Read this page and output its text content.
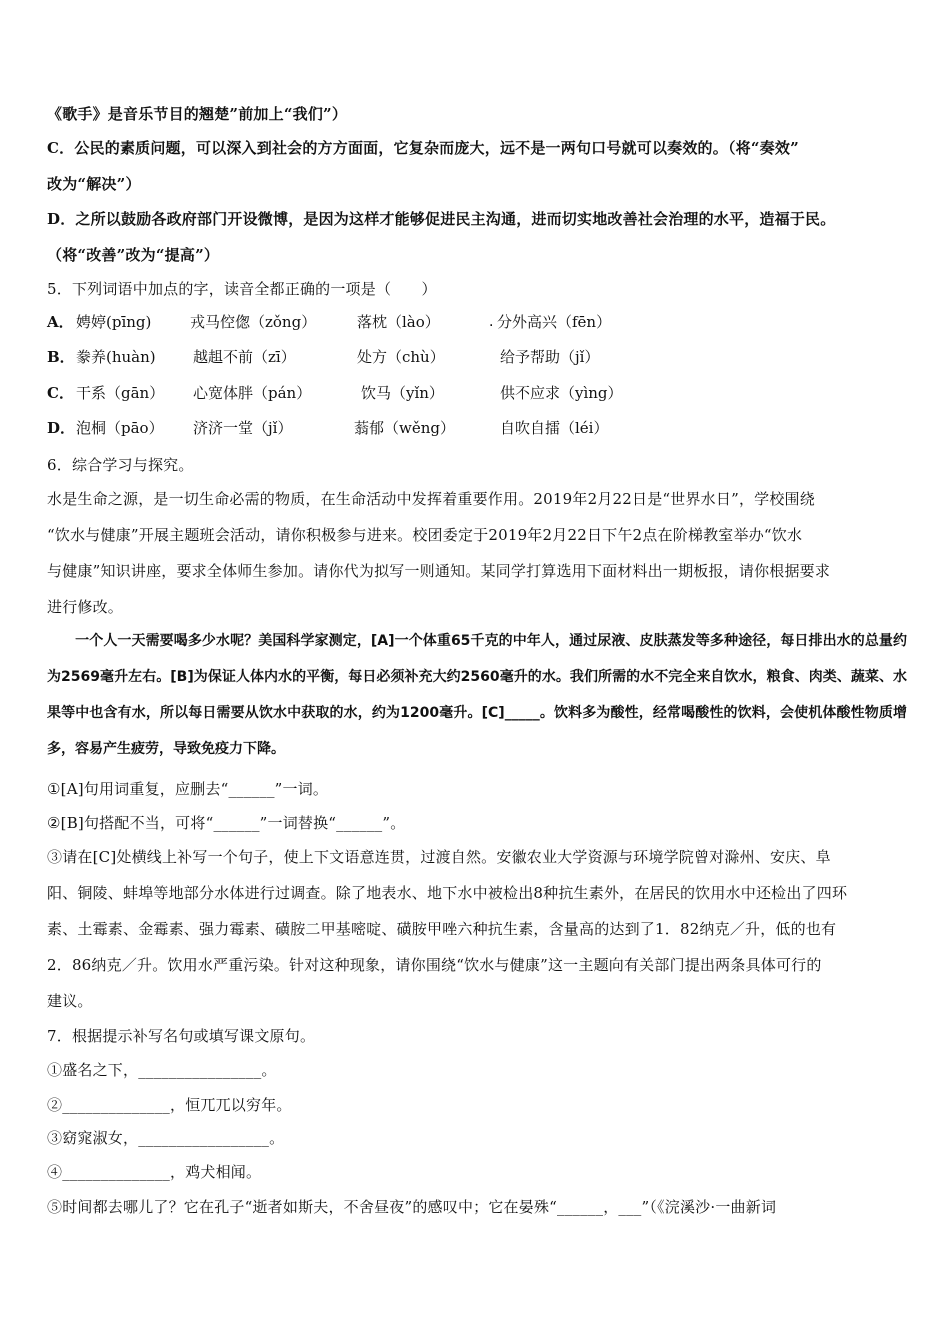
《歌手》是音乐节目的翘楚”前加上“我们”）

C．公民的素质问题，可以深入到社会的方方面面，它复杂而庞大，远不是一两句口号就可以奏效的。（将“奏效”

改为“解决”）

D．之所以鼓励各政府部门开设微博，是因为这样才能够促进民主沟通，进而切实地改善社会治理的水平，造福于民。

（将“改善”改为“提高”）

5．下列词语中加点的字，读音全都正确的一项是（　　）

A． 娉婷(pīng)	戎马倥偬（zǒng）	落枕（lào）	· 分外高兴（fēn）
B． 豢养(huàn) 越趄不前（zī）	处方（chù）	给予帮助（jǐ）
C． 干系（gān） 心宽体胖（pán）	饮马（yǐn）	供不应求（yìng）
D． 泡桐（pāo） 济济一堂（jǐ）	蓊郁（wěng）	自吹自擂（léi）

6．综合学习与探究。

水是生命之源，是一切生命必需的物质，在生命活动中发挥着重要作用。2019年2月22日是“世界水日”，学校围绕

“饮水与健康”开展主题班会活动，请你积极参与进来。校团委定于2019年2月22日下午2点在阶梯教室举办“饮水

与健康”知识讲座，要求全体师生参加。请你代为拟写一则通知。某同学打算选用下面材料出一期板报，请你根据要求

进行修改。

　　一个人一天需要喝多少水呢？美国科学家测定，[A]一个体重65千克的中年人，通过尿液、皮肤蒸发等多种途径，每日排出水的总量约为2569毫升左右。[B]为保证人体内水的平衡，每日必须补充大约2560毫升的水。我们所需的水不完全来自饮水，粮食、肉类、蔬菜、水果等中也含有水，所以每日需要从饮水中获取的水，约为1200毫升。[C]_____。饮料多为酸性，经常喝酸性的饮料，会使机体酸性物质增多，容易产生疲劳，导致免疫力下降。

①[A]句用词重复，应删去“______”一词。

②[B]句搭配不当，可将“______”一词替换“______”。

③请在[C]处横线上补写一个句子，使上下文语意连贯，过渡自然。安徽农业大学资源与环境学院曾对滁州、安庆、阜

阳、铜陵、蚌埠等地部分水体进行过调查。除了地表水、地下水中被检出8种抗生素外，在居民的饮用水中还检出了四环

素、土霉素、金霉素、强力霉素、磺胺二甲基嘧啶、磺胺甲唑六种抗生素，含量高的达到了1．82纳克／升，低的也有

2．86纳克／升。饮用水严重污染。针对这种现象，请你围绕“饮水与健康”这一主题向有关部门提出两条具体可行的

建议。

7．根据提示补写名句或填写课文原句。

①盛名之下，________________。

②______________，恒兀兀以穷年。

③窈窕淑女，_________________。

④______________，鸡犬相闻。

⑤时间都去哪儿了？它在孔子“逝者如斯夫，不舍昼夜”的感叹中；它在晏殊“______，___”（《浣溪沙·一曲新词
